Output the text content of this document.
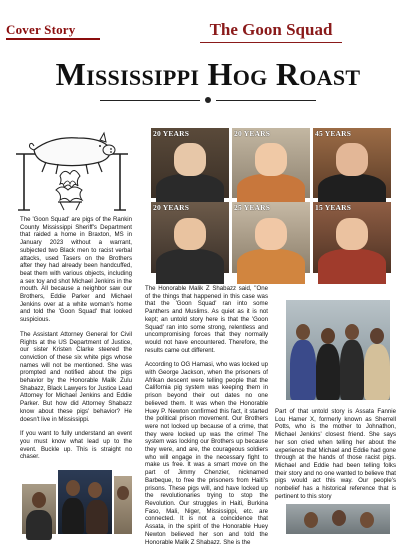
Cover Story	The Goon Squad
Mississippi Hog Roast

The 'Goon Squad' are pigs of the Rankin County Mississippi Sheriff's Department that raided a home in Braxton, MS in January 2023 without a warrant, subjected two Black men to racist verbal attacks, used Tasers on the Brothers after they had already been handcuffed, beat them with various objects, including a sex toy and shot Michael Jenkins in the mouth. All because a neighbor saw our Brothers, Eddie Parker and Michael Jenkins over at a white woman's home and told the 'Goon Squad' that looked suspicious.

The Assistant Attorney General for Civil Rights at the US Department of Justice, our sister Kristen Clarke steered the conviction of these six white pigs whose names will not be mentioned. She was prompted and notified about the pigs behavior by the Honorable Malik Zulu Shabazz, Black Lawyers for Justice Lead Attorney for Michael Jenkins and Eddie Parker. But how did Attorney Shabazz know about these pigs' behavior? He doesn't live in Mississippi.

If you want to fully understand an event you must know what lead up to the event. Buckle up. This is straight no chaser.

20 YEARS	20 YEARS	45 YEARS
20 YEARS	25 YEARS	15 YEARS

The Honorable Malik Z Shabazz said, "One of the things that happened in this case was that the 'Goon Squad' ran into some Panthers and Muslims. As quiet as it is not kept; an untold story here is that the 'Goon Squad' ran into some strong, relentless and uncompromising forces that they normally would not have encountered. Therefore, the results came out different.

According to OG Hamasi, who was locked up with George Jackson, when the prisoners of Afrikan descent were telling people that the California pig system was keeping them in prison beyond their out dates no one believed them. It was when the Honorable Huey P. Newton confirmed this fact, it started the political prison movement. Our Brothers were not locked up because of a crime, that they were locked up was the crime! The system was locking our Brothers up because they were, and are, the courageous soldiers who will engage in the necessary fight to make us free. It was a smart move on the part of Jimmy Chenzier, nicknamed Barbeque, to free the prisoners from Haiti's prisons. These pigs will, and have locked up the revolutionaries trying to stop the Revolution. Our struggles in Haiti, Burkina Faso, Mali, Niger, Mississippi, etc. are connected. It is not a coincidence that Assata, in the spirit of the Honorable Huey Newton believed her son and told the Honorable Malik Z Shabazz. She is the

Part of that untold story is Assata Fannie Lou Hamer X, formerly known as Sherrell Potts, who is the mother to Johnathon, Michael Jenkins' closest friend. She says her son cried when telling her about the experience that Michael and Eddie had gone through at the hands of those racist pigs. Michael and Eddie had been telling folks their story and no one wanted to believe that pigs would act this way. Our people's nonbelief has a historical reference that is pertinent to this story
